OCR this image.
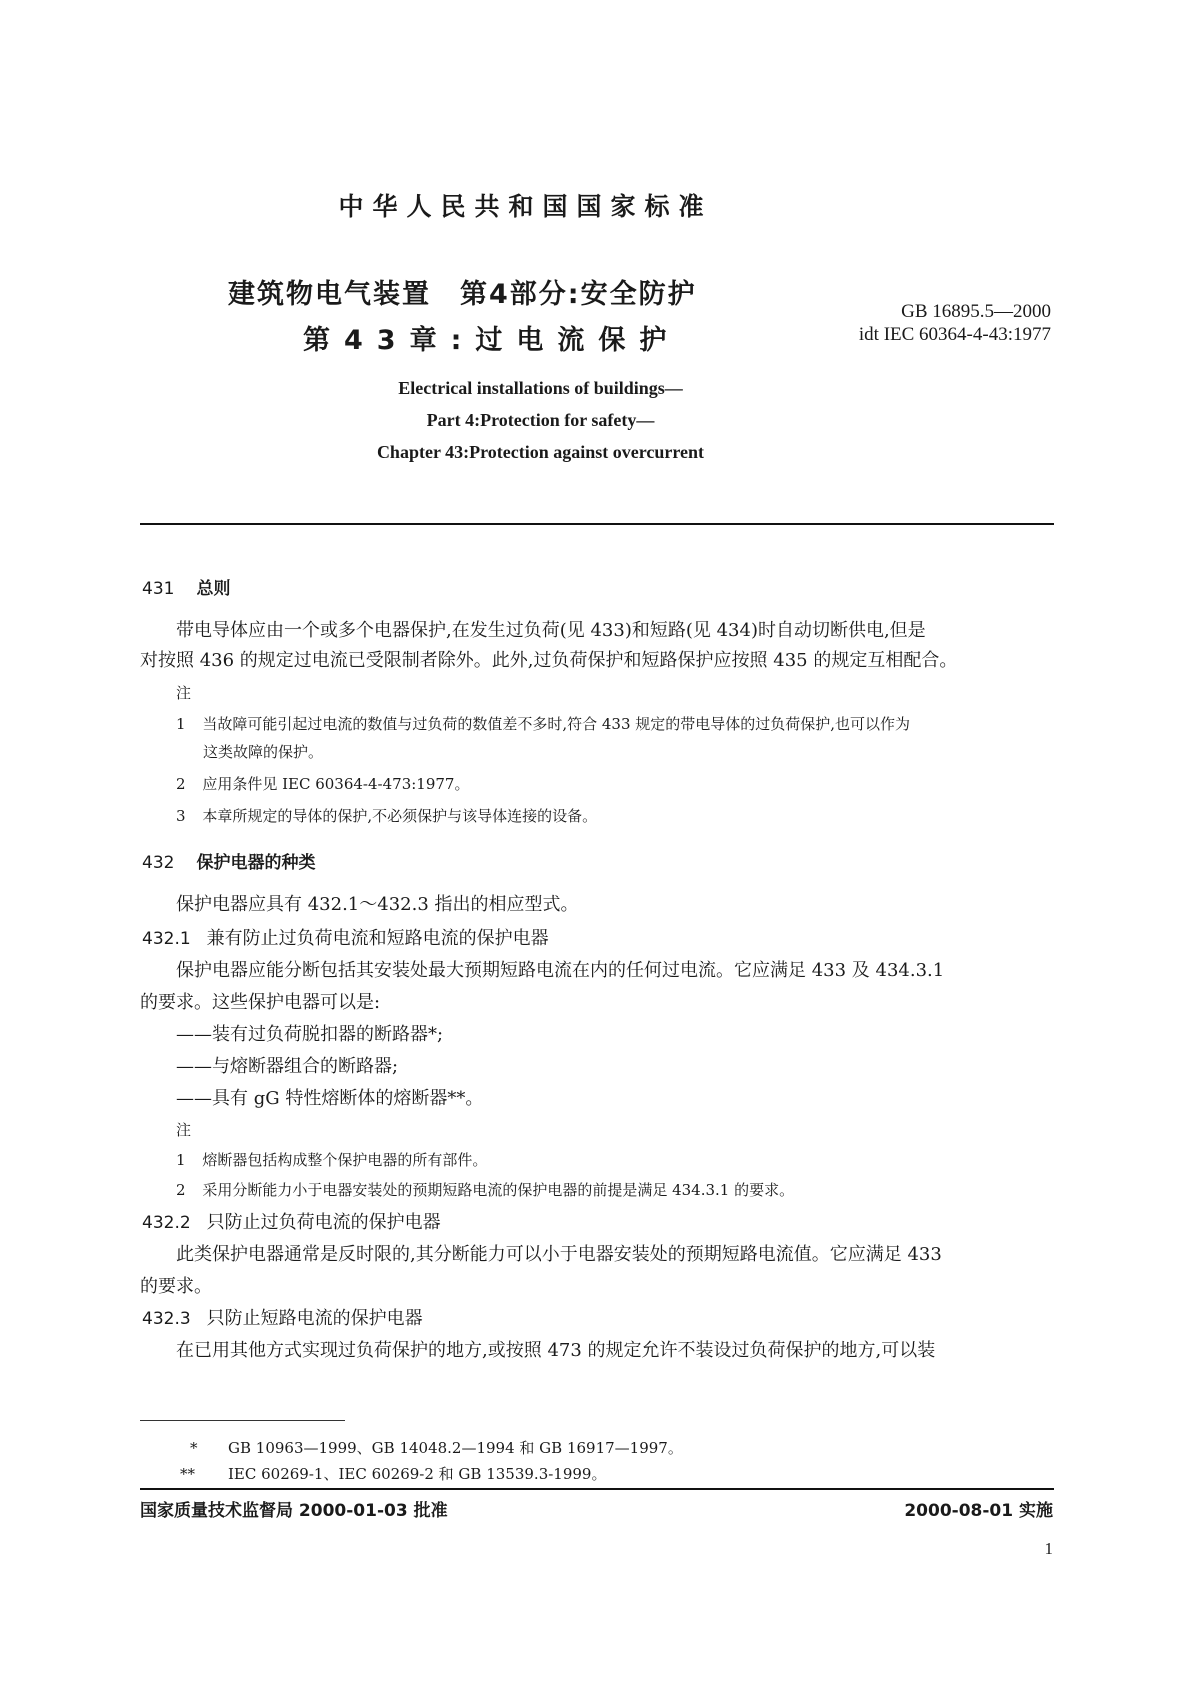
中华人民共和国国家标准
建筑物电气装置　第4部分:安全防护
第43章:过电流保护
GB 16895.5—2000
idt IEC 60364-4-43:1977
Electrical installations of buildings—
Part 4:Protection for safety—
Chapter 43:Protection against overcurrent
431 总则
带电导体应由一个或多个电器保护,在发生过负荷(见 433)和短路(见 434)时自动切断供电,但是
对按照 436 的规定过电流已受限制者除外。此外,过负荷保护和短路保护应按照 435 的规定互相配合。
注
1 当故障可能引起过电流的数值与过负荷的数值差不多时,符合 433 规定的带电导体的过负荷保护,也可以作为
这类故障的保护。
2 应用条件见 IEC 60364-4-473:1977。
3 本章所规定的导体的保护,不必须保护与该导体连接的设备。
432 保护电器的种类
保护电器应具有 432.1～432.3 指出的相应型式。
432.1 兼有防止过负荷电流和短路电流的保护电器
保护电器应能分断包括其安装处最大预期短路电流在内的任何过电流。它应满足 433 及 434.3.1
的要求。这些保护电器可以是:
——装有过负荷脱扣器的断路器*;
——与熔断器组合的断路器;
——具有 gG 特性熔断体的熔断器**。
注
1 熔断器包括构成整个保护电器的所有部件。
2 采用分断能力小于电器安装处的预期短路电流的保护电器的前提是满足 434.3.1 的要求。
432.2 只防止过负荷电流的保护电器
此类保护电器通常是反时限的,其分断能力可以小于电器安装处的预期短路电流值。它应满足 433
的要求。
432.3 只防止短路电流的保护电器
在已用其他方式实现过负荷保护的地方,或按照 473 的规定允许不装设过负荷保护的地方,可以装
* GB 10963—1999、GB 14048.2—1994 和 GB 16917—1997。
** IEC 60269-1、IEC 60269-2 和 GB 13539.3-1999。
国家质量技术监督局 2000-01-03 批准	2000-08-01 实施
1
